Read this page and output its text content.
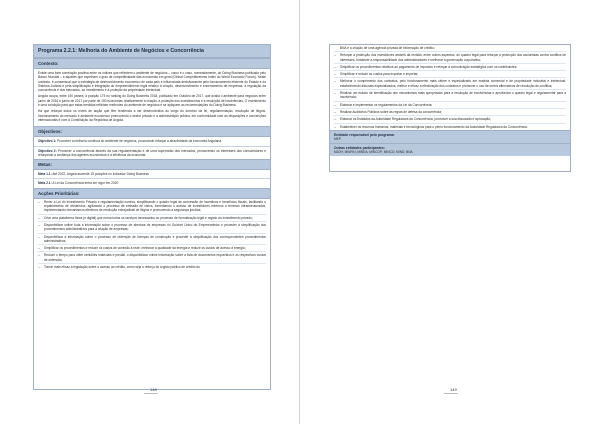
Programa 2.2.1: Melhoria do Ambiente de Negócios e Concorrência
Contexto:

Existe uma forte correlação positiva entre os índices que reflectem o ambiente de negócios – como é o caso, nomeadamente, do Doing Business publicado pelo Banco Mundial – e aqueles que espelham o grau de competitividade das economias em geral (Global Competitiveness Index do World Economic Forum). Neste contexto, é consensual que a estratégia de desenvolvimento económico de cada país é influenciada decisivamente pelo funcionamento eficiente do Estado e do Sistema Judicial e pela simplificação e integração do empreendimento legal relativo à criação, desenvolvimento e encerramento de empresas, à regulação da concorrência e dos mercados, ao investimento e à proteção da propriedade intelectual.

Angola ocupa, entre 190 países, a posição 175 no ranking do Doing Business 2018, publicado em Outubro de 2017, que avalia o ambiente para negócios entre junho de 2016 e junho de 2017 por parte de 190 economias relativamente à criação, à proteção dos investimentos e à resolução de insolvências. O investimento é uma condição para que estas medidas reflictam melhorias do ambiente de negócios e se apliquem as recomendações do Doing Business.

Há que reforçar todos os níveis de acção que têm tendência a ser desenvolvidos ao longo do domínio da lei, regulamentação, resolução de litígios, funcionamento do mercado e ambiente econômico promovendo o sector privado e a administração pública, em conformidade com as disposições e convenções internacionais e com a Constituição da República de Angola.

Objectivos:
Objectivo 1: Promover a melhoria contínua do ambiente de negócios, procurando reforçar a atractividade da economia Angolana.
Objectivo 2: Promover a concorrência através da sua regulamentação e de uma supervisão dos mercados, promovendo os interesses dos consumidores e reforçando a confiança dos agentes económicos e a eficiência da economia.
Metas:
Meta 1.1: Até 2022, Angola ascende 15 posições no indicador Doing Business
Meta 2.1: A Lei da Concorrência entra em vigor em 2020
Acções Prioritárias:
– Rever a Lei do Investimento Privado e regulamentação conexa, simplificando o quadro legal de concessão de incentivos e benefícios fiscais, facilitando o repatriamento de dividendos, agilizando o processo de emissão de vistos, fomentando o acesso de investidores externos a terrenos infraestruturados, implementando mecanismos efectivos de resolução extrajudicial de litígios e promovendo a segurança jurídica;
– Criar uma plataforma física (e digital) que reúna todos os serviços necessários no processo de formalização legal e registo do investimento privado;
– Disponibilizar online toda a informação sobre o processo de abertura de empresas no Guichet Único do Empreendedor e proceder à simplificação dos procedimentos administrativos para a criação de empresas;
– Disponibilizar a informação sobre o processo de obtenção de licenças de construção e proceder à simplificação dos correspondentes procedimentos administrativos;
– Simplificar os procedimentos e reduzir os custos de conexão à rede, melhorar a qualidade da energia e reduzir os custos de acesso à energia;
– Reduzir o tempo para obter certidões matriciais e predial, o disponibilizar online informação sobre a lista de documentos requeridos e os respectivos custos de obtenção;
– Tornar mais eficaz a legislação sobre o acesso ao crédito, como seja o reforço do registo público de crédito do
148

BNA e a criação de uma agência privada de informação de crédito;
– Reforçar a protecção dos investidores através da revisão, entre outros aspectos, do quadro legal para reforçar a protecção dos accionistas contra conflitos de interesses, fortalecer a responsabilidade dos administradores e melhorar a governação corporativa;
– Simplificar os procedimentos relativos ao pagamento de impostos e reforçar a comunicação estratégica com os contribuintes;
– Simplificar e reduzir os custos para exportar e importar;
– Melhorar o cumprimento dos contratos, pelo funcionamento mais célere e especializado em matéria comercial e de propriedade industrial e intelectual, estabelecendo tribunais especializados, melhor e eficaz a efectivação dos contratos e promover o uso de meios alternativos de resolução de conflitos;
– Realizar um estudo de identificação dos mecanismos mais apropriados para a resolução de insolvências e aprofundar o quadro legal e regulamentar para a insolvência;
– Elaborar e implementar os regulamentos da Lei da Concorrência;
– Realizar Auditórios Públicos sobre as regras de defesa da concorrência;
– Elaborar os Estatutos da Autoridade Reguladora da Concorrência, promover a sua discussão e aprovação;
– Estabelecer os recursos humanos, materiais e tecnológicos para o pleno funcionamento da Autoridade Reguladora da Concorrência.
Entidade responsável pelo programa:
MEP
Outras entidades participantes:
MJDH; MINFIN; MINEA; MINCOP; MINCO; MIND; BNA
149
